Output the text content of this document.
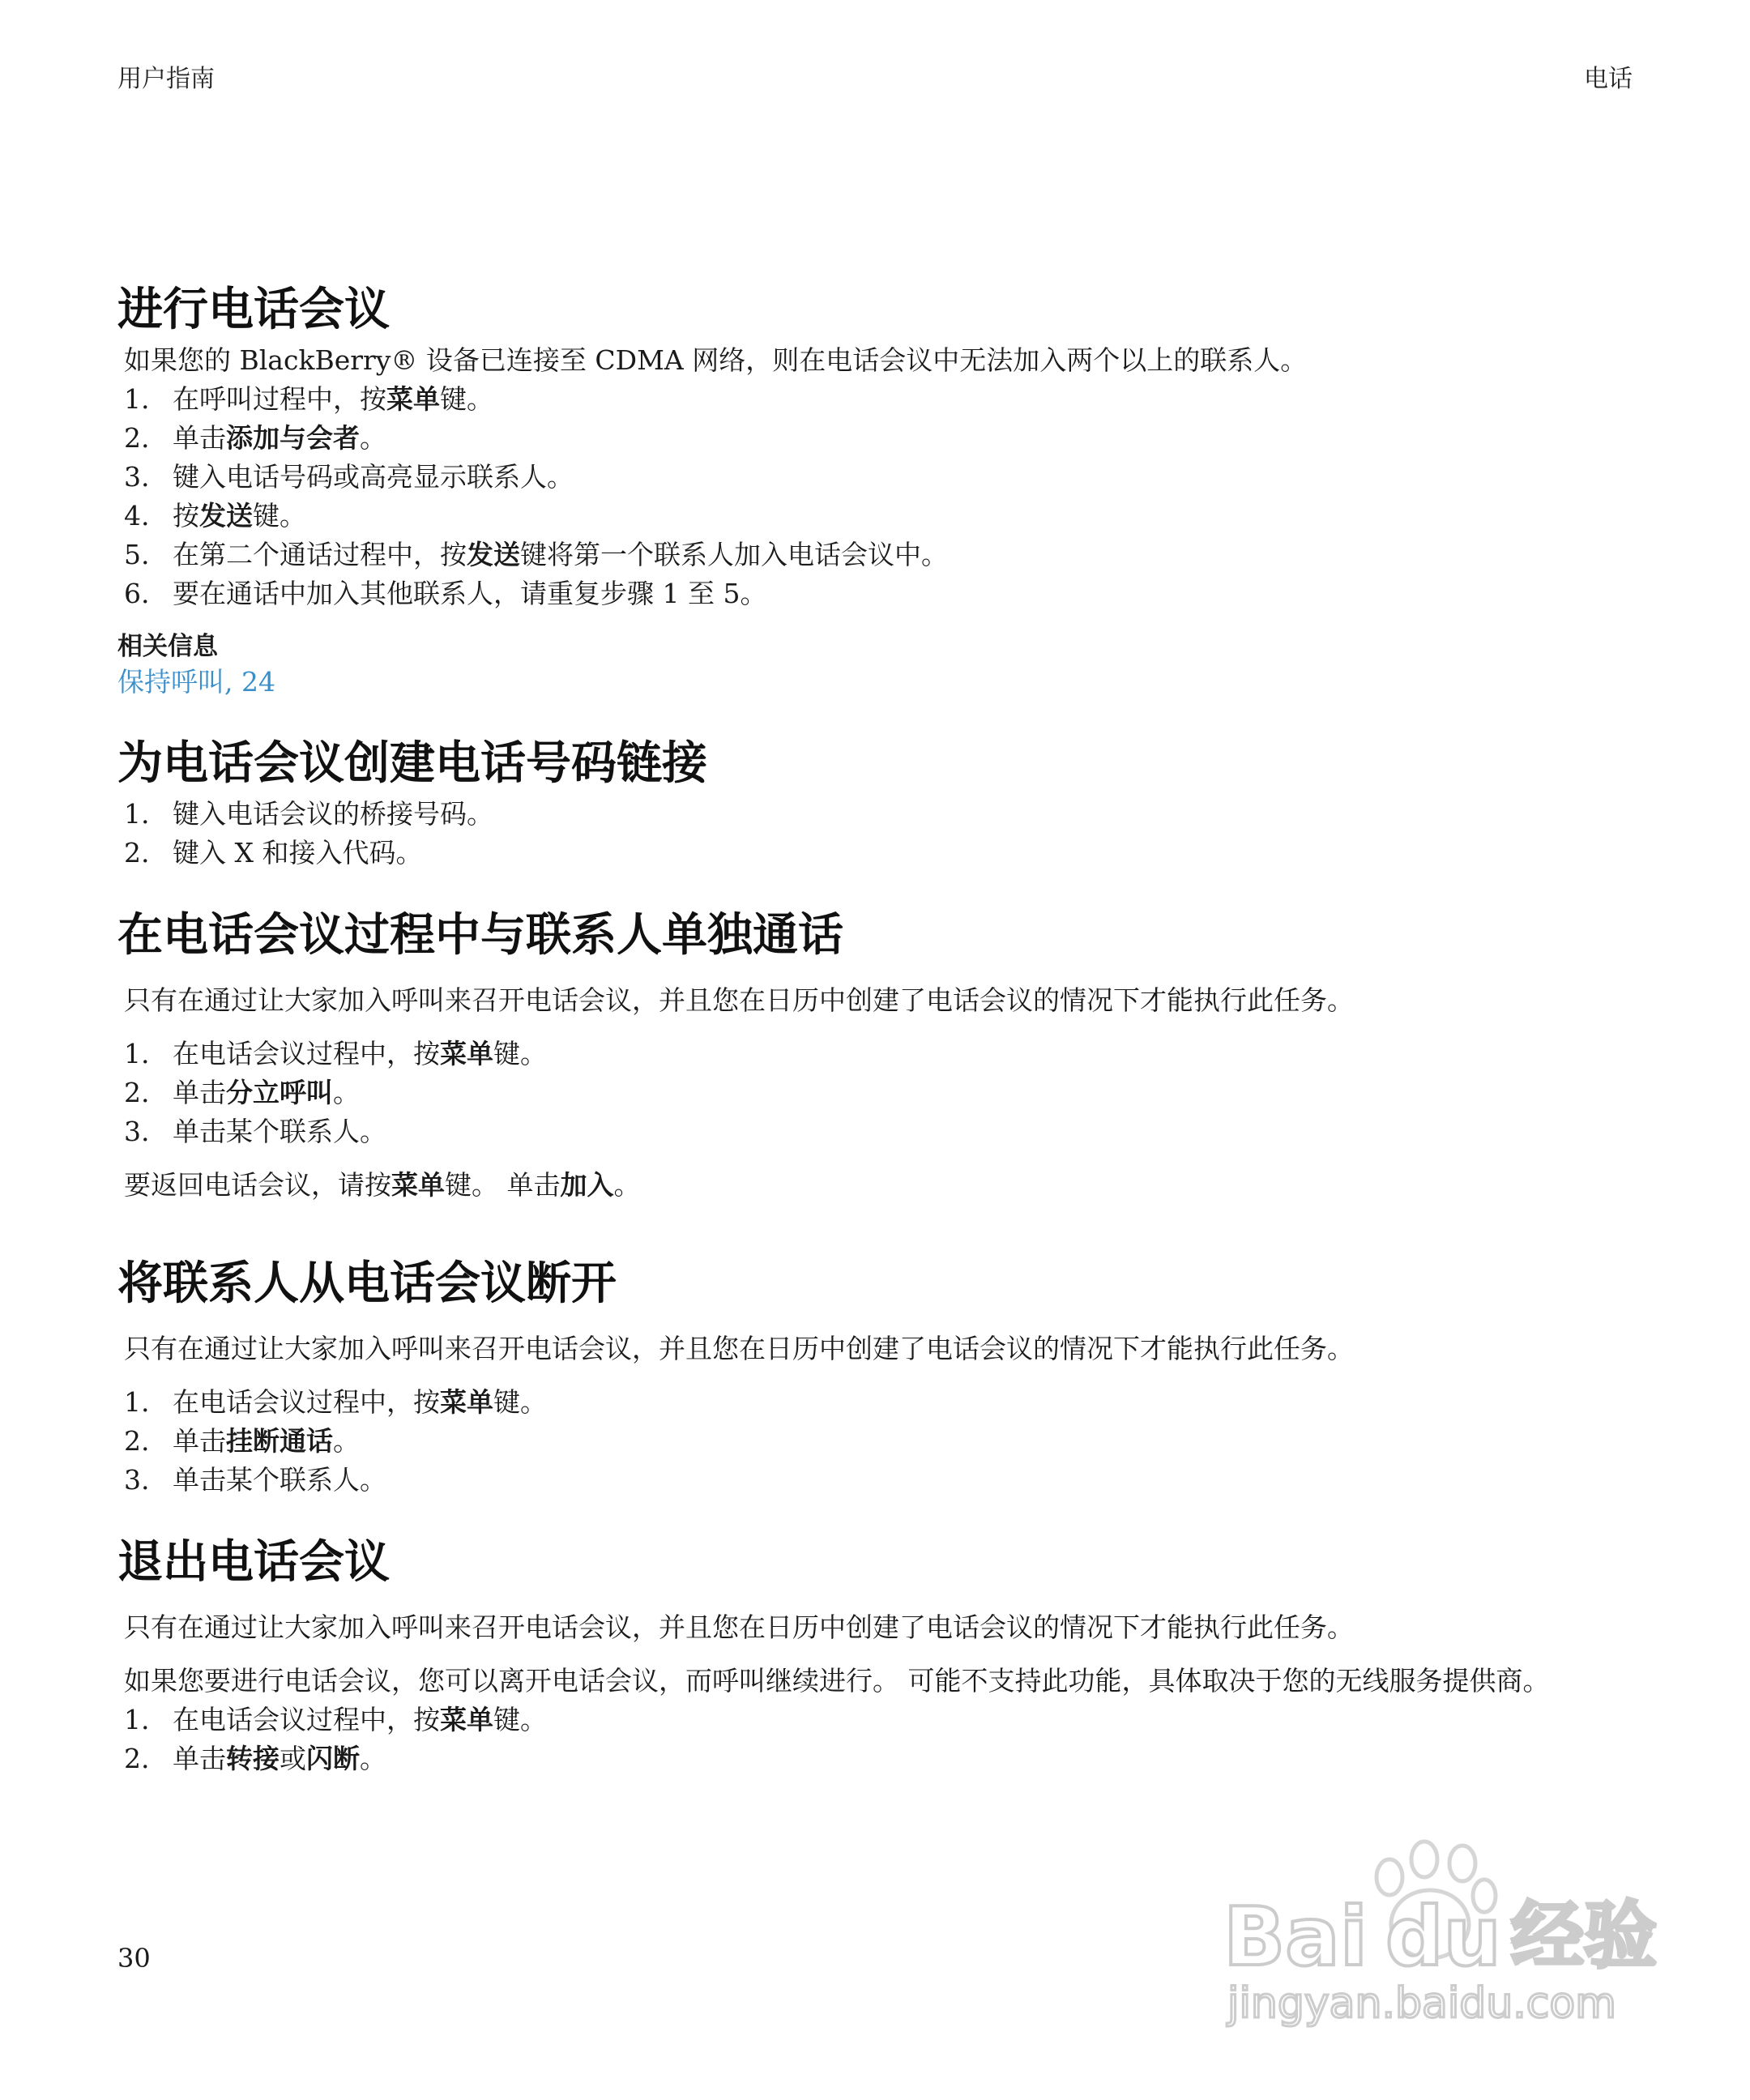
用户指南	电话
进行电话会议

如果您的 BlackBerry® 设备已连接至 CDMA 网络，则在电话会议中无法加入两个以上的联系人。

1. 在呼叫过程中，按菜单键。
2. 单击添加与会者。
3. 键入电话号码或高亮显示联系人。
4. 按发送键。
5. 在第二个通话过程中，按发送键将第一个联系人加入电话会议中。
6. 要在通话中加入其他联系人，请重复步骤 1 至 5。
相关信息
保持呼叫, 24
为电话会议创建电话号码链接
1. 键入电话会议的桥接号码。
2. 键入 X 和接入代码。
在电话会议过程中与联系人单独通话

只有在通过让大家加入呼叫来召开电话会议，并且您在日历中创建了电话会议的情况下才能执行此任务。

1. 在电话会议过程中，按菜单键。
2. 单击分立呼叫。
3. 单击某个联系人。

要返回电话会议，请按菜单键。 单击加入。

将联系人从电话会议断开

只有在通过让大家加入呼叫来召开电话会议，并且您在日历中创建了电话会议的情况下才能执行此任务。

1. 在电话会议过程中，按菜单键。
2. 单击挂断通话。
3. 单击某个联系人。
退出电话会议

只有在通过让大家加入呼叫来召开电话会议，并且您在日历中创建了电话会议的情况下才能执行此任务。

如果您要进行电话会议，您可以离开电话会议，而呼叫继续进行。 可能不支持此功能，具体取决于您的无线服务提供商。

1. 在电话会议过程中，按菜单键。
2. 单击转接或闪断。
30	Bai du 经验
jingyan.baidu.com
